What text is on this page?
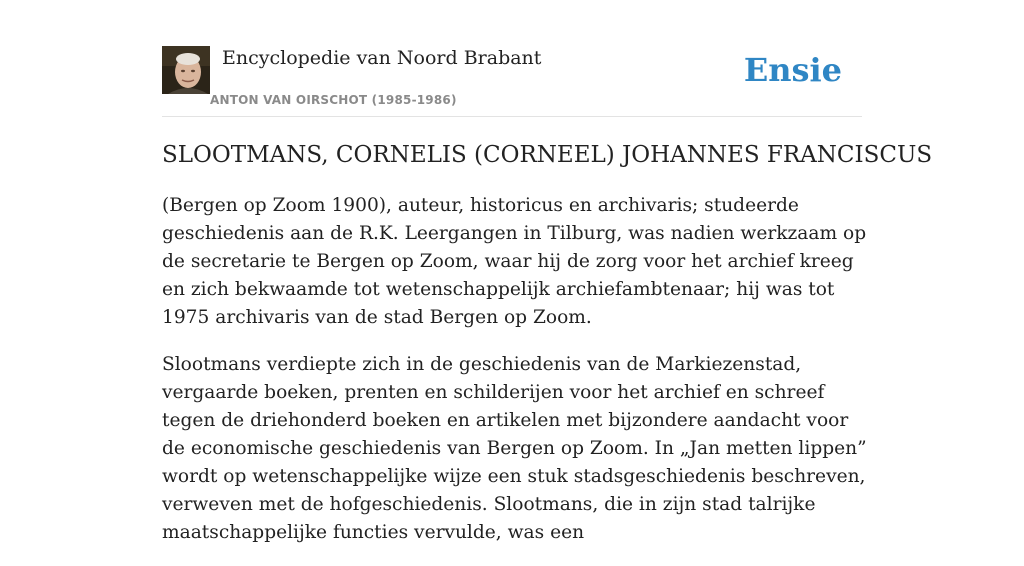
Encyclopedie van Noord Brabant
ANTON VAN OIRSCHOT (1985-1986)
Ensie
SLOOTMANS, CORNELIS (CORNEEL) JOHANNES FRANCISCUS

(Bergen op Zoom 1900), auteur, historicus en archivaris; studeerde geschiedenis aan de R.K. Leergangen in Tilburg, was nadien werkzaam op de secretarie te Bergen op Zoom, waar hij de zorg voor het archief kreeg en zich bekwaamde tot wetenschappelijk archiefambtenaar; hij was tot 1975 archivaris van de stad Bergen op Zoom.

Slootmans verdiepte zich in de geschiedenis van de Markiezenstad, vergaarde boeken, prenten en schilderijen voor het archief en schreef tegen de driehonderd boeken en artikelen met bijzondere aandacht voor de economische geschiedenis van Bergen op Zoom. In „Jan metten lippen” wordt op wetenschappelijke wijze een stuk stadsgeschiedenis beschreven, verweven met de hofgeschiedenis. Slootmans, die in zijn stad talrijke maatschappelijke functies vervulde, was een
